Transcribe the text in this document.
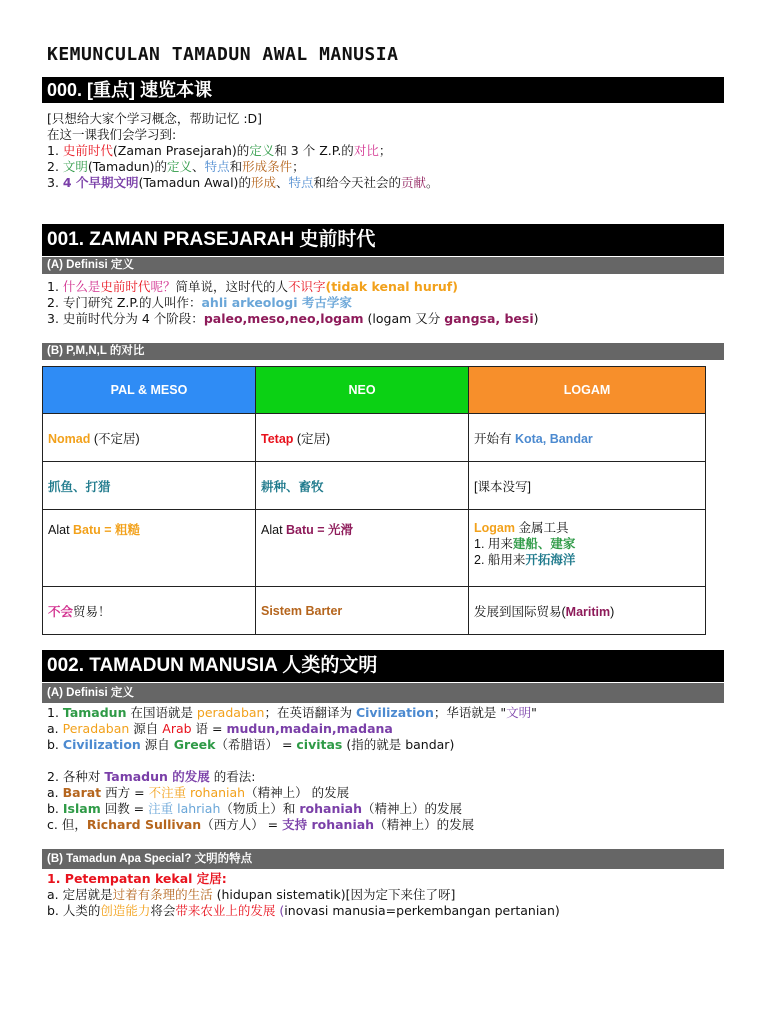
KEMUNCULAN TAMADUN AWAL MANUSIA
000. [重点] 速览本课
[只想给大家个学习概念，帮助记忆 :D]
在这一课我们会学习到:
1. 史前时代(Zaman Prasejarah)的定义和 3 个 Z.P.的对比；
2. 文明(Tamadun)的定义、特点和形成条件；
3. 4 个早期文明(Tamadun Awal)的形成、特点和给今天社会的贡献。
001. ZAMAN PRASEJARAH 史前时代
(A) Definisi 定义
1. 什么是史前时代呢？简单说，这时代的人不识字(tidak kenal huruf)
2. 专门研究 Z.P.的人叫作：ahli arkeologi 考古学家
3. 史前时代分为 4 个阶段：paleo,meso,neo,logam (logam 又分 gangsa, besi)
(B) P,M,N,L 的对比
PAL & MESO	NEO	LOGAM
Nomad (不定居)	Tetap (定居)	开始有 Kota, Bandar
抓鱼、打猎	耕种、畜牧	[课本没写]
Alat Batu = 粗糙	Alat Batu = 光滑	Logam 金属工具
1. 用来建船、建家
2. 船用来开拓海洋
不会贸易！	Sistem Barter	发展到国际贸易(Maritim)
002. TAMADUN MANUSIA 人类的文明
(A) Definisi 定义
1. Tamadun 在国语就是 peradaban；在英语翻译为 Civilization；华语就是 "文明"
a. Peradaban 源自 Arab 语 = mudun,madain,madana
b. Civilization 源自 Greek（希腊语） = civitas (指的就是 bandar)
2. 各种对 Tamadun 的发展 的看法:
a. Barat 西方 = 不注重 rohaniah（精神上） 的发展
b. Islam 回教 = 注重 lahriah（物质上）和 rohaniah（精神上）的发展
c. 但，Richard Sullivan（西方人） = 支持 rohaniah（精神上）的发展
(B) Tamadun Apa Special? 文明的特点
1. Petempatan kekal 定居:
a. 定居就是过着有条理的生活 (hidupan sistematik)[因为定下来住了呀]
b. 人类的创造能力将会带来农业上的发展 (inovasi manusia=perkembangan pertanian)
